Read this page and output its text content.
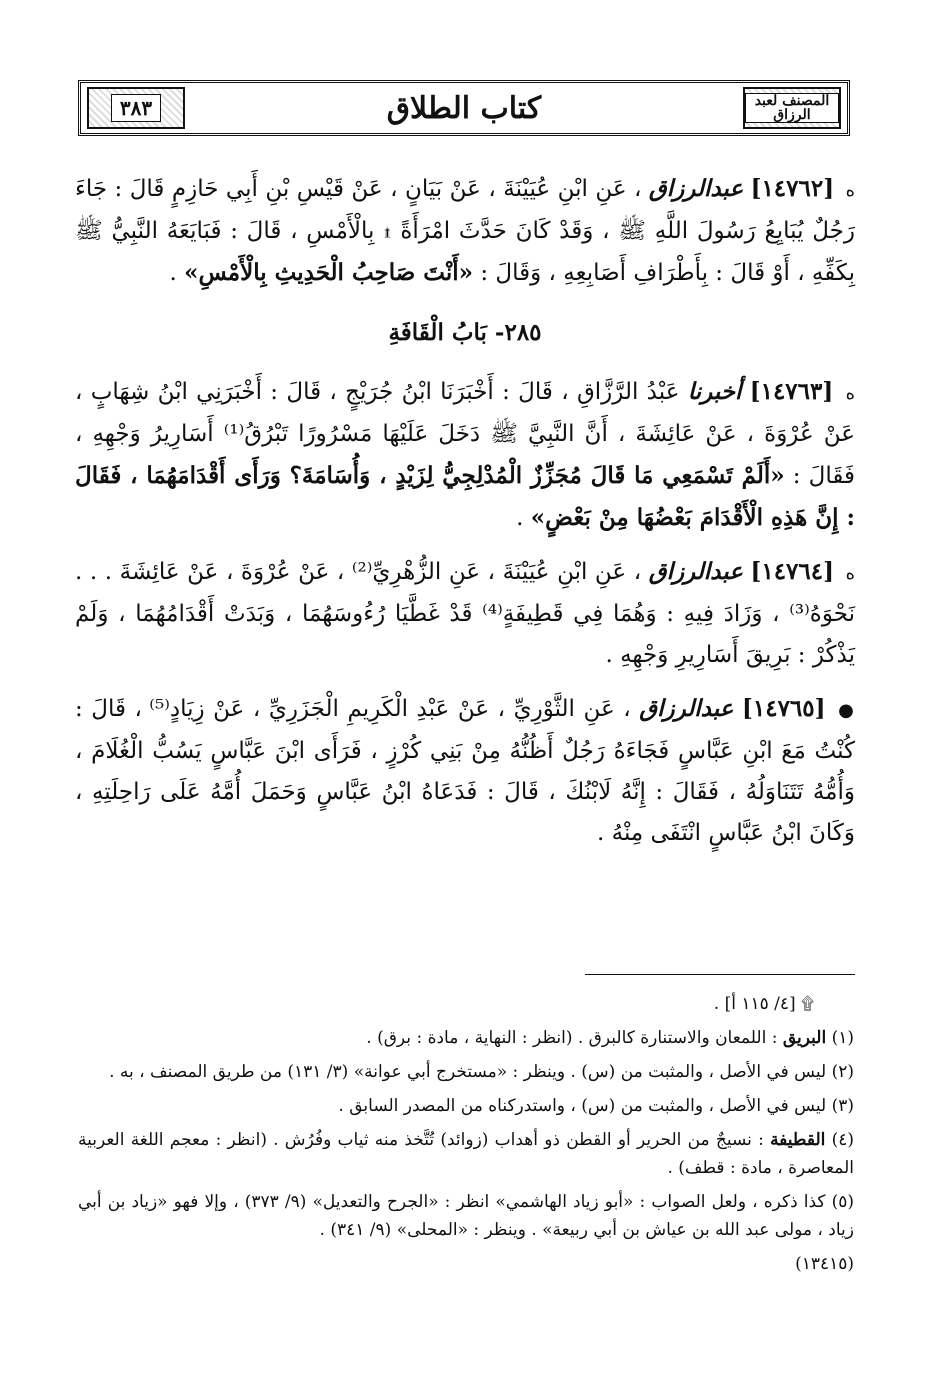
المصنف لعبد الرزاق
كتاب الطلاق
٣٨٣

ه [١٤٧٦٢] عبدالرزاق ، عَنِ ابْنِ عُيَيْنَةَ ، عَنْ بَيَانٍ ، عَنْ قَيْسِ بْنِ أَبِي حَازِمٍ قَالَ : جَاءَ رَجُلٌ يُبَايِعُ رَسُولَ اللَّهِ ﷺ ، وَقَدْ كَانَ حَدَّثَ امْرَأَةً ۩ بِالْأَمْسِ ، قَالَ : فَبَايَعَهُ النَّبِيُّ ﷺ بِكَفِّهِ ، أَوْ قَالَ : بِأَطْرَافِ أَصَابِعِهِ ، وَقَالَ : «أَنْتَ صَاحِبُ الْحَدِيثِ بِالْأَمْسِ» .

٢٨٥- بَابُ الْقَافَةِ

ه [١٤٧٦٣] أخبرنا عَبْدُ الرَّزَّاقِ ، قَالَ : أَخْبَرَنَا ابْنُ جُرَيْجٍ ، قَالَ : أَخْبَرَنِي ابْنُ شِهَابٍ ، عَنْ عُرْوَةَ ، عَنْ عَائِشَةَ ، أَنَّ النَّبِيَّ ﷺ دَخَلَ عَلَيْهَا مَسْرُورًا تَبْرُقُ⁽¹⁾ أَسَارِيرُ وَجْهِهِ ، فَقَالَ : «أَلَمْ تَسْمَعِي مَا قَالَ مُجَزِّزٌ الْمُدْلِجِيُّ لِزَيْدٍ ، وَأُسَامَةَ؟ وَرَأَى أَقْدَامَهُمَا ، فَقَالَ : إِنَّ هَذِهِ الْأَقْدَامَ بَعْضُهَا مِنْ بَعْضٍ» .

ه [١٤٧٦٤] عبدالرزاق ، عَنِ ابْنِ عُيَيْنَةَ ، عَنِ الزُّهْرِيِّ⁽²⁾ ، عَنْ عُرْوَةَ ، عَنْ عَائِشَةَ . . . نَحْوَهُ⁽³⁾ ، وَزَادَ فِيهِ : وَهُمَا فِي قَطِيفَةٍ⁽⁴⁾ قَدْ غَطَّيَا رُءُوسَهُمَا ، وَبَدَتْ أَقْدَامُهُمَا ، وَلَمْ يَذْكُرْ : بَرِيقَ أَسَارِيرِ وَجْهِهِ .

● [١٤٧٦٥] عبدالرزاق ، عَنِ الثَّوْرِيِّ ، عَنْ عَبْدِ الْكَرِيمِ الْجَزَرِيِّ ، عَنْ زِيَادٍ⁽⁵⁾ ، قَالَ : كُنْتُ مَعَ ابْنِ عَبَّاسٍ فَجَاءَهُ رَجُلٌ أَظُنُّهُ مِنْ بَنِي كُرْزٍ ، فَرَأَى ابْنَ عَبَّاسٍ يَسُبُّ الْغُلَامَ ، وَأُمُّهُ تَتَنَاوَلُهُ ، فَقَالَ : إِنَّهُ لَابْنُكَ ، قَالَ : فَدَعَاهُ ابْنُ عَبَّاسٍ وَحَمَلَ أُمَّهُ عَلَى رَاحِلَتِهِ ، وَكَانَ ابْنُ عَبَّاسٍ انْتَفَى مِنْهُ .

۩ [٤/ ١١٥ أ] .
(١) البريق : اللمعان والاستنارة كالبرق . (انظر : النهاية ، مادة : برق) .
(٢) ليس في الأصل ، والمثبت من (س) . وينظر : «مستخرج أبي عوانة» (٣/ ١٣١) من طريق المصنف ، به .
(٣) ليس في الأصل ، والمثبت من (س) ، واستدركناه من المصدر السابق .
(٤) القطيفة : نسيجٌ من الحرير أو القطن ذو أهداب (زوائد) تُتَّخذ منه ثياب وفُرُش . (انظر : معجم اللغة العربية المعاصرة ، مادة : قطف) .
(٥) كذا ذكره ، ولعل الصواب : «أبو زياد الهاشمي» انظر : «الجرح والتعديل» (٩/ ٣٧٣) ، وإلا فهو «زياد بن أبي زياد ، مولى عبد الله بن عياش بن أبي ربيعة» . وينظر : «المحلى» (٩/ ٣٤١) .
(١٣٤١٥)
